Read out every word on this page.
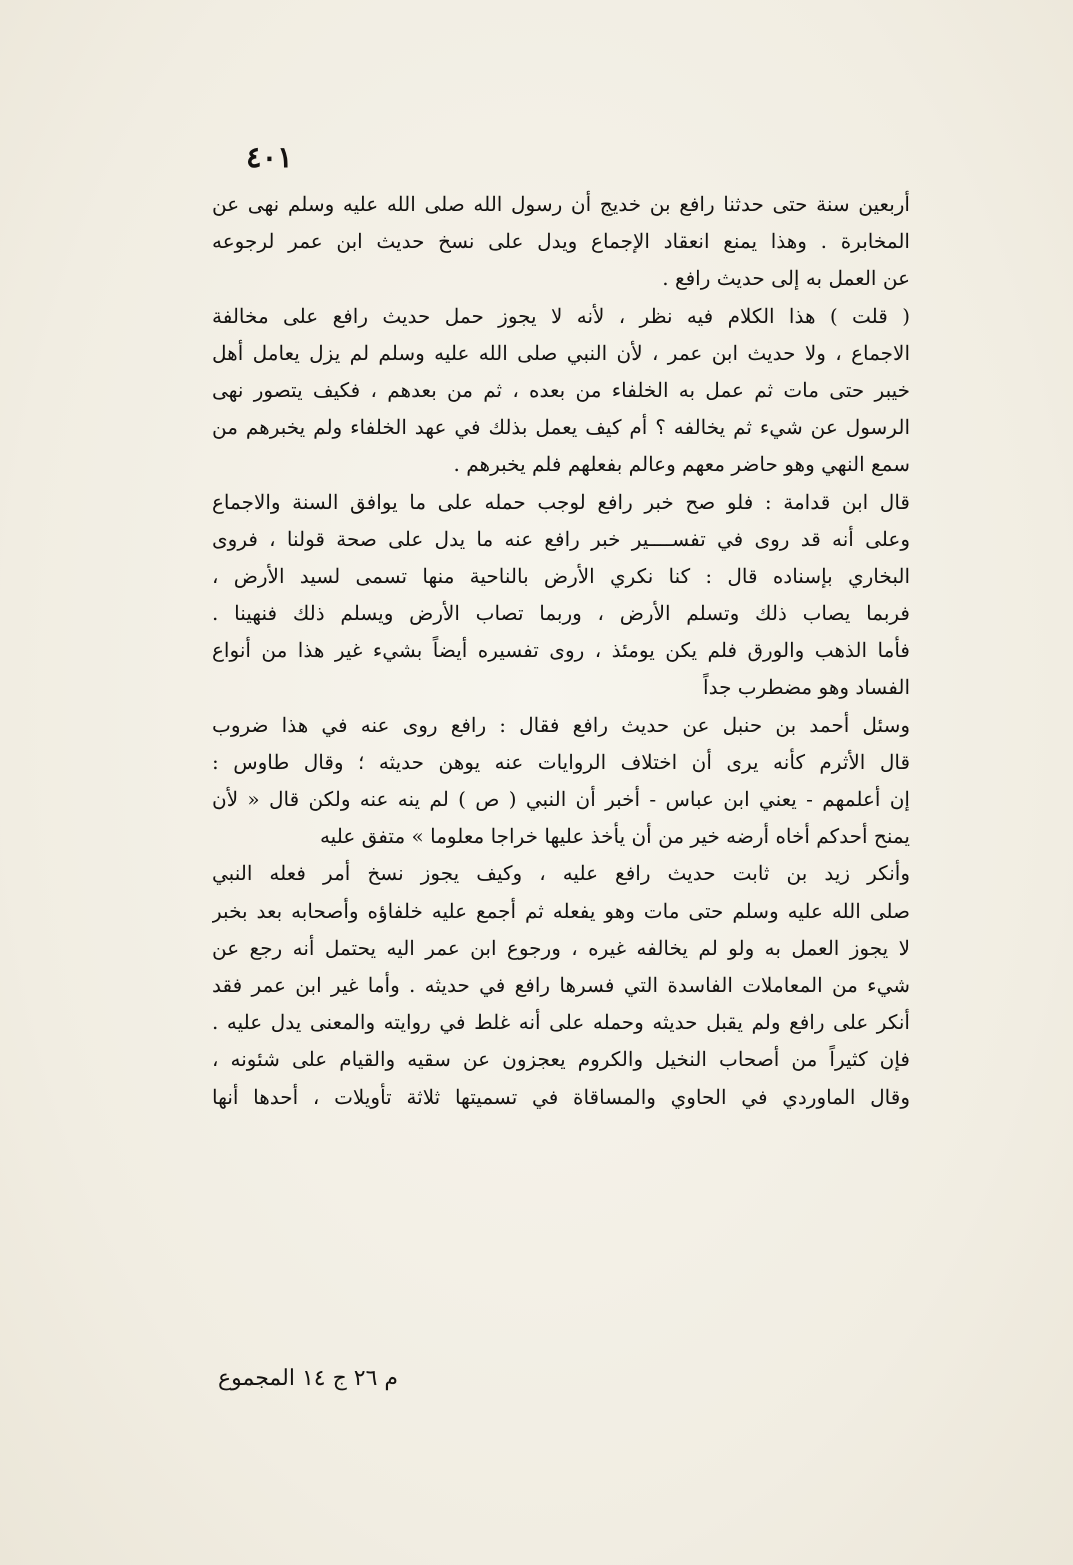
٤٠١
أربعين سنة حتى حدثنا رافع بن خديج أن رسول الله صلى الله عليه وسلم نهى عن
المخابرة . وهذا يمنع انعقاد الإجماع ويدل على نسخ حديث ابن عمر لرجوعه
عن العمل به إلى حديث رافع .
( قلت ) هذا الكلام فيه نظر ، لأنه لا يجوز حمل حديث رافع على مخالفة
الاجماع ، ولا حديث ابن عمر ، لأن النبي صلى الله عليه وسلم لم يزل يعامل أهل
خيبر حتى مات ثم عمل به الخلفاء من بعده ، ثم من بعدهم ، فكيف يتصور نهى
الرسول عن شيء ثم يخالفه ؟ أم كيف يعمل بذلك في عهد الخلفاء ولم يخبرهم من
سمع النهي وهو حاضر معهم وعالم بفعلهم فلم يخبرهم .
قال ابن قدامة : فلو صح خبر رافع لوجب حمله على ما يوافق السنة والاجماع
وعلى أنه قد روى في تفســــير خبر رافع عنه ما يدل على صحة قولنا ، فروى
البخاري بإسناده قال : كنا نكري الأرض بالناحية منها تسمى لسيد الأرض ،
فربما يصاب ذلك وتسلم الأرض ، وربما تصاب الأرض ويسلم ذلك فنهينا .
فأما الذهب والورق فلم يكن يومئذ ، روى تفسيره أيضاً بشيء غير هذا من أنواع
الفساد وهو مضطرب جداً
وسئل أحمد بن حنبل عن حديث رافع فقال : رافع روى عنه في هذا ضروب
قال الأثرم كأنه يرى أن اختلاف الروايات عنه يوهن حديثه ؛ وقال طاوس :
إن أعلمهم - يعني ابن عباس - أخبر أن النبي ( ص ) لم ينه عنه ولكن قال « لأن
يمنح أحدكم أخاه أرضه خير من أن يأخذ عليها خراجا معلوما » متفق عليه
وأنكر زيد بن ثابت حديث رافع عليه ، وكيف يجوز نسخ أمر فعله النبي
صلى الله عليه وسلم حتى مات وهو يفعله ثم أجمع عليه خلفاؤه وأصحابه بعد بخبر
لا يجوز العمل به ولو لم يخالفه غيره ، ورجوع ابن عمر اليه يحتمل أنه رجع عن
شيء من المعاملات الفاسدة التي فسرها رافع في حديثه . وأما غير ابن عمر فقد
أنكر على رافع ولم يقبل حديثه وحمله على أنه غلط في روايته والمعنى يدل عليه .
فإن كثيراً من أصحاب النخيل والكروم يعجزون عن سقيه والقيام على شئونه ،
وقال الماوردي في الحاوي والمساقاة في تسميتها ثلاثة تأويلات ، أحدها أنها
م ٢٦ ج ١٤ المجموع
